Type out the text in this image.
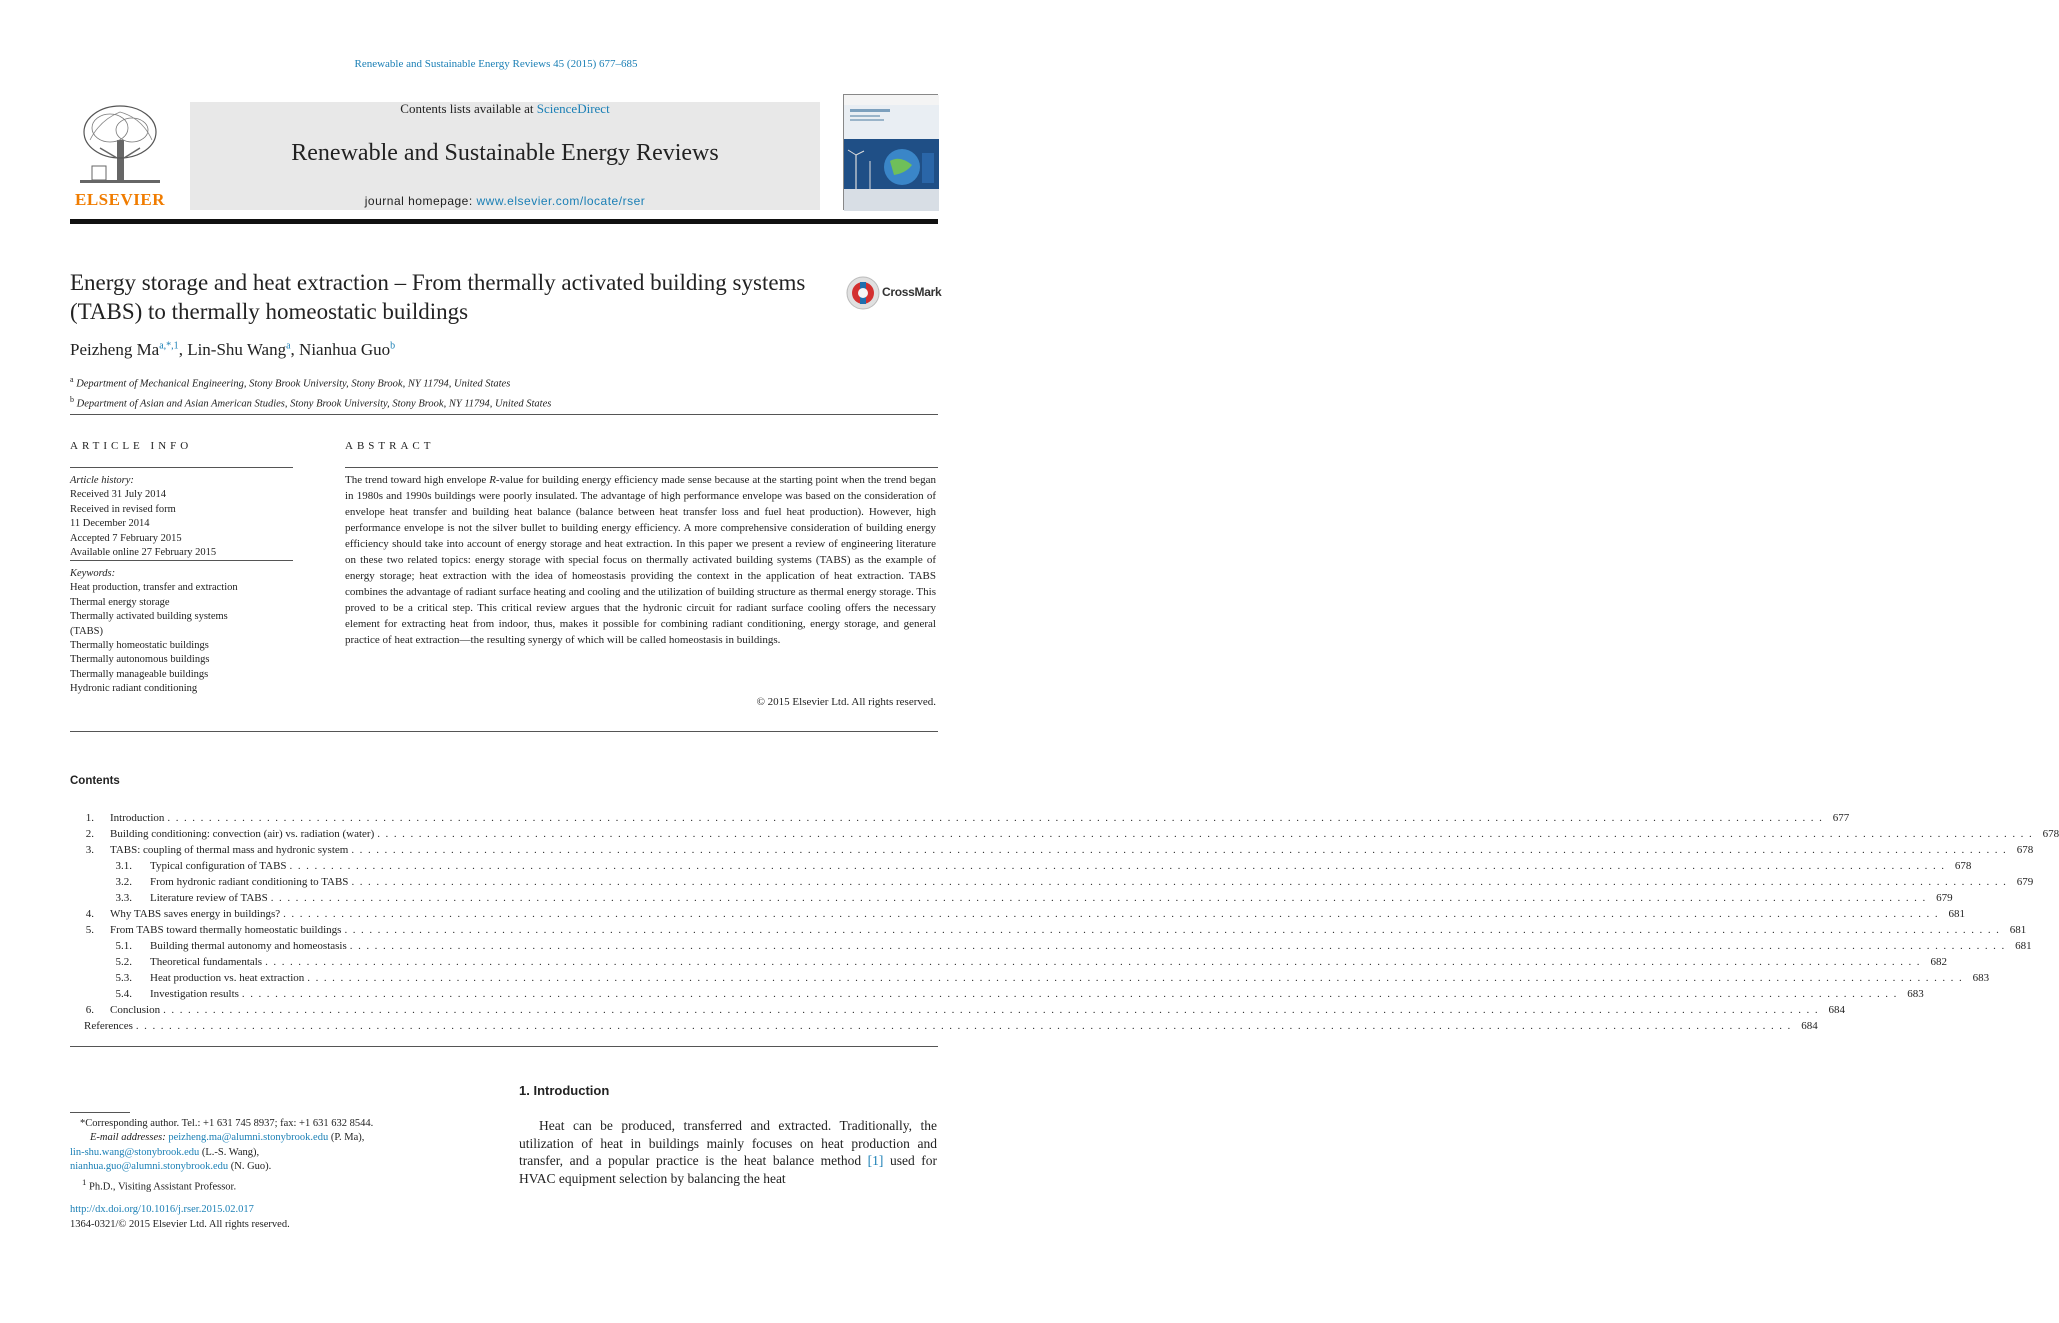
Renewable and Sustainable Energy Reviews 45 (2015) 677–685
ELSEVIER
Contents lists available at ScienceDirect
Renewable and Sustainable Energy Reviews
journal homepage: www.elsevier.com/locate/rser
Energy storage and heat extraction – From thermally activated building systems (TABS) to thermally homeostatic buildings
CrossMark
Peizheng $Ma^{a,*,1}$, Lin-Shu Wang$^a$, Nianhua Guo$^b$
$^a$ Department of Mechanical Engineering, Stony Brook University, Stony Brook, NY 11794, United States
$^b$ Department of Asian and Asian American Studies, Stony Brook University, Stony Brook, NY 11794, United States
ARTICLE INFO
Article history:
Received 31 July 2014
Received in revised form
11 December 2014
Accepted 7 February 2015
Available online 27 February 2015
Keywords:
Heat production, transfer and extraction
Thermal energy storage
Thermally activated building systems
(TABS)
Thermally homeostatic buildings
Thermally autonomous buildings
Thermally manageable buildings
Hydronic radiant conditioning
ABSTRACT
The trend toward high envelope R-value for building energy efficiency made sense because at the starting point when the trend began in 1980s and 1990s buildings were poorly insulated. The advantage of high performance envelope was based on the consideration of envelope heat transfer and building heat balance (balance between heat transfer loss and fuel heat production). However, high performance envelope is not the silver bullet to building energy efficiency. A more comprehensive consideration of building energy efficiency should take into account of energy storage and heat extraction. In this paper we present a review of engineering literature on these two related topics: energy storage with special focus on thermally activated building systems (TABS) as the example of energy storage; heat extraction with the idea of homeostasis providing the context in the application of heat extraction. TABS combines the advantage of radiant surface heating and cooling and the utilization of building structure as thermal energy storage. This proved to be a critical step. This critical review argues that the hydronic circuit for radiant surface cooling offers the necessary element for extracting heat from indoor, thus, makes it possible for combining radiant conditioning, energy storage, and general practice of heat extraction—the resulting synergy of which will be called homeostasis in buildings.
© 2015 Elsevier Ltd. All rights reserved.
Contents
1.	Introduction . . . . . . . . . . . . . . . . . . . . . . . . . . . . . . . . . . . . . . . . . . . . . . . . . . . . . . . . . . . . . . . . . . . . . . . . . . . . . . . . . . . . . . . . . . . . . . . . . . . . . . . . . . . . . . . . . . . . . . . . . . . . . . . . . . . . . . . . . . . . . . . . . . . . . . . . . . . . . . . . . . . . . . . . . . . . . . . . . . . . . . . . . . . . . . . . . . . . . . . . 677
2.	Building conditioning: convection (air) vs. radiation (water) . . . . . . . . . . . . . . . . . . . . . . . . . . . . . . . . . . . . . . . . . . . . . . . . . . . . . . . . . . . . . . . . . . . . . . . . . . . . . . . . . . . . . . . . . . . . . . . . . . . . . . . . . . . . . . . . . . . . . . . . . . . . . . . . . . . . . . . . . . . . . . . . . . . . . . . . . . . . . . . . . . . . . . . . . . . . . . . . . . . . . . . . . . . . . . . . . . . . . . . . 678
3.	TABS: coupling of thermal mass and hydronic system . . . . . . . . . . . . . . . . . . . . . . . . . . . . . . . . . . . . . . . . . . . . . . . . . . . . . . . . . . . . . . . . . . . . . . . . . . . . . . . . . . . . . . . . . . . . . . . . . . . . . . . . . . . . . . . . . . . . . . . . . . . . . . . . . . . . . . . . . . . . . . . . . . . . . . . . . . . . . . . . . . . . . . . . . . . . . . . . . . . . . . . . . . . . . . . . . . . . . . . . 678
3.1.	Typical configuration of TABS . . . . . . . . . . . . . . . . . . . . . . . . . . . . . . . . . . . . . . . . . . . . . . . . . . . . . . . . . . . . . . . . . . . . . . . . . . . . . . . . . . . . . . . . . . . . . . . . . . . . . . . . . . . . . . . . . . . . . . . . . . . . . . . . . . . . . . . . . . . . . . . . . . . . . . . . . . . . . . . . . . . . . . . . . . . . . . . . . . . . . . . . . . . . . . . . . . . . . . . . 678
3.2.	From hydronic radiant conditioning to TABS . . . . . . . . . . . . . . . . . . . . . . . . . . . . . . . . . . . . . . . . . . . . . . . . . . . . . . . . . . . . . . . . . . . . . . . . . . . . . . . . . . . . . . . . . . . . . . . . . . . . . . . . . . . . . . . . . . . . . . . . . . . . . . . . . . . . . . . . . . . . . . . . . . . . . . . . . . . . . . . . . . . . . . . . . . . . . . . . . . . . . . . . . . . . . . . . . . . . . . . . 679
3.3.	Literature review of TABS . . . . . . . . . . . . . . . . . . . . . . . . . . . . . . . . . . . . . . . . . . . . . . . . . . . . . . . . . . . . . . . . . . . . . . . . . . . . . . . . . . . . . . . . . . . . . . . . . . . . . . . . . . . . . . . . . . . . . . . . . . . . . . . . . . . . . . . . . . . . . . . . . . . . . . . . . . . . . . . . . . . . . . . . . . . . . . . . . . . . . . . . . . . . . . . . . . . . . . . . 679
4.	Why TABS saves energy in buildings? . . . . . . . . . . . . . . . . . . . . . . . . . . . . . . . . . . . . . . . . . . . . . . . . . . . . . . . . . . . . . . . . . . . . . . . . . . . . . . . . . . . . . . . . . . . . . . . . . . . . . . . . . . . . . . . . . . . . . . . . . . . . . . . . . . . . . . . . . . . . . . . . . . . . . . . . . . . . . . . . . . . . . . . . . . . . . . . . . . . . . . . . . . . . . . . . . . . . . . . . 681
5.	From TABS toward thermally homeostatic buildings . . . . . . . . . . . . . . . . . . . . . . . . . . . . . . . . . . . . . . . . . . . . . . . . . . . . . . . . . . . . . . . . . . . . . . . . . . . . . . . . . . . . . . . . . . . . . . . . . . . . . . . . . . . . . . . . . . . . . . . . . . . . . . . . . . . . . . . . . . . . . . . . . . . . . . . . . . . . . . . . . . . . . . . . . . . . . . . . . . . . . . . . . . . . . . . . . . . . . . . . 681
5.1.	Building thermal autonomy and homeostasis . . . . . . . . . . . . . . . . . . . . . . . . . . . . . . . . . . . . . . . . . . . . . . . . . . . . . . . . . . . . . . . . . . . . . . . . . . . . . . . . . . . . . . . . . . . . . . . . . . . . . . . . . . . . . . . . . . . . . . . . . . . . . . . . . . . . . . . . . . . . . . . . . . . . . . . . . . . . . . . . . . . . . . . . . . . . . . . . . . . . . . . . . . . . . . . . . . . . . . . . 681
5.2.	Theoretical fundamentals . . . . . . . . . . . . . . . . . . . . . . . . . . . . . . . . . . . . . . . . . . . . . . . . . . . . . . . . . . . . . . . . . . . . . . . . . . . . . . . . . . . . . . . . . . . . . . . . . . . . . . . . . . . . . . . . . . . . . . . . . . . . . . . . . . . . . . . . . . . . . . . . . . . . . . . . . . . . . . . . . . . . . . . . . . . . . . . . . . . . . . . . . . . . . . . . . . . . . . . . 682
5.3.	Heat production vs. heat extraction . . . . . . . . . . . . . . . . . . . . . . . . . . . . . . . . . . . . . . . . . . . . . . . . . . . . . . . . . . . . . . . . . . . . . . . . . . . . . . . . . . . . . . . . . . . . . . . . . . . . . . . . . . . . . . . . . . . . . . . . . . . . . . . . . . . . . . . . . . . . . . . . . . . . . . . . . . . . . . . . . . . . . . . . . . . . . . . . . . . . . . . . . . . . . . . . . . . . . . . . 683
5.4.	Investigation results . . . . . . . . . . . . . . . . . . . . . . . . . . . . . . . . . . . . . . . . . . . . . . . . . . . . . . . . . . . . . . . . . . . . . . . . . . . . . . . . . . . . . . . . . . . . . . . . . . . . . . . . . . . . . . . . . . . . . . . . . . . . . . . . . . . . . . . . . . . . . . . . . . . . . . . . . . . . . . . . . . . . . . . . . . . . . . . . . . . . . . . . . . . . . . . . . . . . . . . . 683
6.	Conclusion . . . . . . . . . . . . . . . . . . . . . . . . . . . . . . . . . . . . . . . . . . . . . . . . . . . . . . . . . . . . . . . . . . . . . . . . . . . . . . . . . . . . . . . . . . . . . . . . . . . . . . . . . . . . . . . . . . . . . . . . . . . . . . . . . . . . . . . . . . . . . . . . . . . . . . . . . . . . . . . . . . . . . . . . . . . . . . . . . . . . . . . . . . . . . . . . . . . . . . . . 684
References . . . . . . . . . . . . . . . . . . . . . . . . . . . . . . . . . . . . . . . . . . . . . . . . . . . . . . . . . . . . . . . . . . . . . . . . . . . . . . . . . . . . . . . . . . . . . . . . . . . . . . . . . . . . . . . . . . . . . . . . . . . . . . . . . . . . . . . . . . . . . . . . . . . . . . . . . . . . . . . . . . . . . . . . . . . . . . . . . . . . . . . . . . . . . . . . . . . . . . . . 684
*Corresponding author. Tel.: +1 631 745 8937; fax: +1 631 632 8544.
E-mail addresses: peizheng.ma@alumni.stonybrook.edu (P. Ma),
lin-shu.wang@stonybrook.edu (L.-S. Wang),
nianhua.guo@alumni.stonybrook.edu (N. Guo).
$^1$ Ph.D., Visiting Assistant Professor.
http://dx.doi.org/10.1016/j.rser.2015.02.017
1364-0321/© 2015 Elsevier Ltd. All rights reserved.
1. Introduction
Heat can be produced, transferred and extracted. Traditionally, the utilization of heat in buildings mainly focuses on heat production and transfer, and a popular practice is the heat balance method [1] used for HVAC equipment selection by balancing the heat
